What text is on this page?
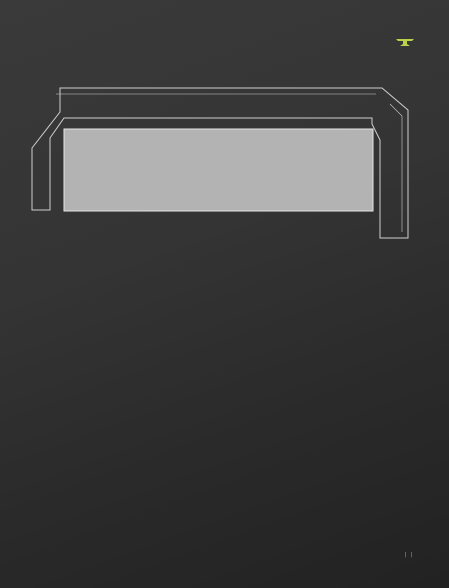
| |
